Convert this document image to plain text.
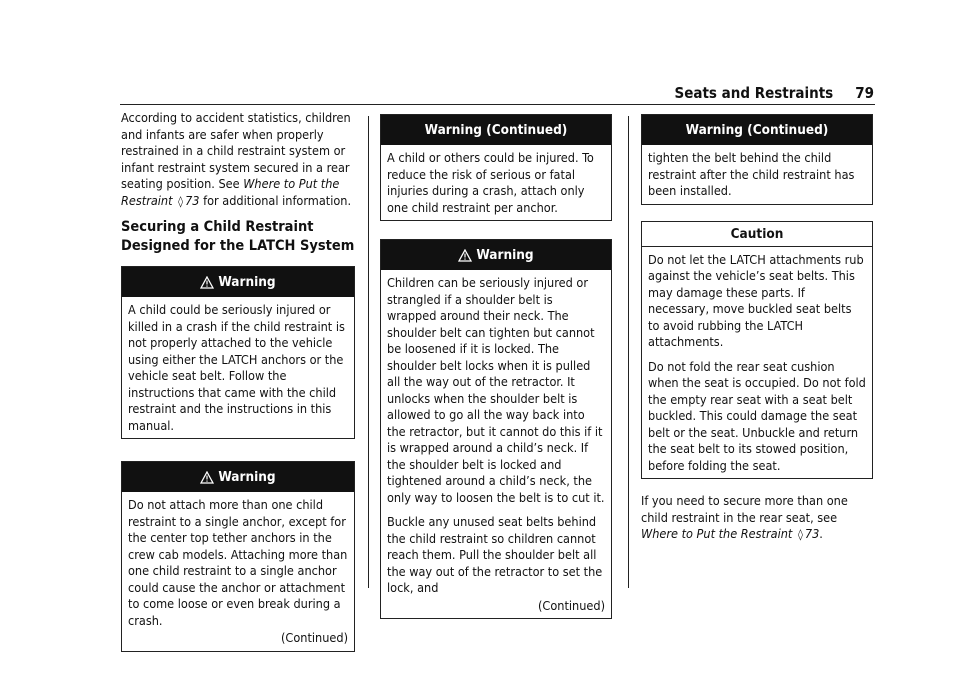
Seats and Restraints 79

According to accident statistics, children and infants are safer when properly restrained in a child restraint system or infant restraint system secured in a rear seating position. See Where to Put the Restraint ◊ 73 for additional information.

Securing a Child Restraint Designed for the LATCH System
Warning

A child could be seriously injured or killed in a crash if the child restraint is not properly attached to the vehicle using either the LATCH anchors or the vehicle seat belt. Follow the instructions that came with the child restraint and the instructions in this manual.

Warning

Do not attach more than one child restraint to a single anchor, except for the center top tether anchors in the crew cab models. Attaching more than one child restraint to a single anchor could cause the anchor or attachment to come loose or even break during a crash.

(Continued)
Warning (Continued)

A child or others could be injured. To reduce the risk of serious or fatal injuries during a crash, attach only one child restraint per anchor.

Warning

Children can be seriously injured or strangled if a shoulder belt is wrapped around their neck. The shoulder belt can tighten but cannot be loosened if it is locked. The shoulder belt locks when it is pulled all the way out of the retractor. It unlocks when the shoulder belt is allowed to go all the way back into the retractor, but it cannot do this if it is wrapped around a child’s neck. If the shoulder belt is locked and tightened around a child’s neck, the only way to loosen the belt is to cut it.

Buckle any unused seat belts behind the child restraint so children cannot reach them. Pull the shoulder belt all the way out of the retractor to set the lock, and

(Continued)
Warning (Continued)

tighten the belt behind the child restraint after the child restraint has been installed.

Caution

Do not let the LATCH attachments rub against the vehicle’s seat belts. This may damage these parts. If necessary, move buckled seat belts to avoid rubbing the LATCH attachments.

Do not fold the rear seat cushion when the seat is occupied. Do not fold the empty rear seat with a seat belt buckled. This could damage the seat belt or the seat. Unbuckle and return the seat belt to its stowed position, before folding the seat.

If you need to secure more than one child restraint in the rear seat, see Where to Put the Restraint ◊ 73.
